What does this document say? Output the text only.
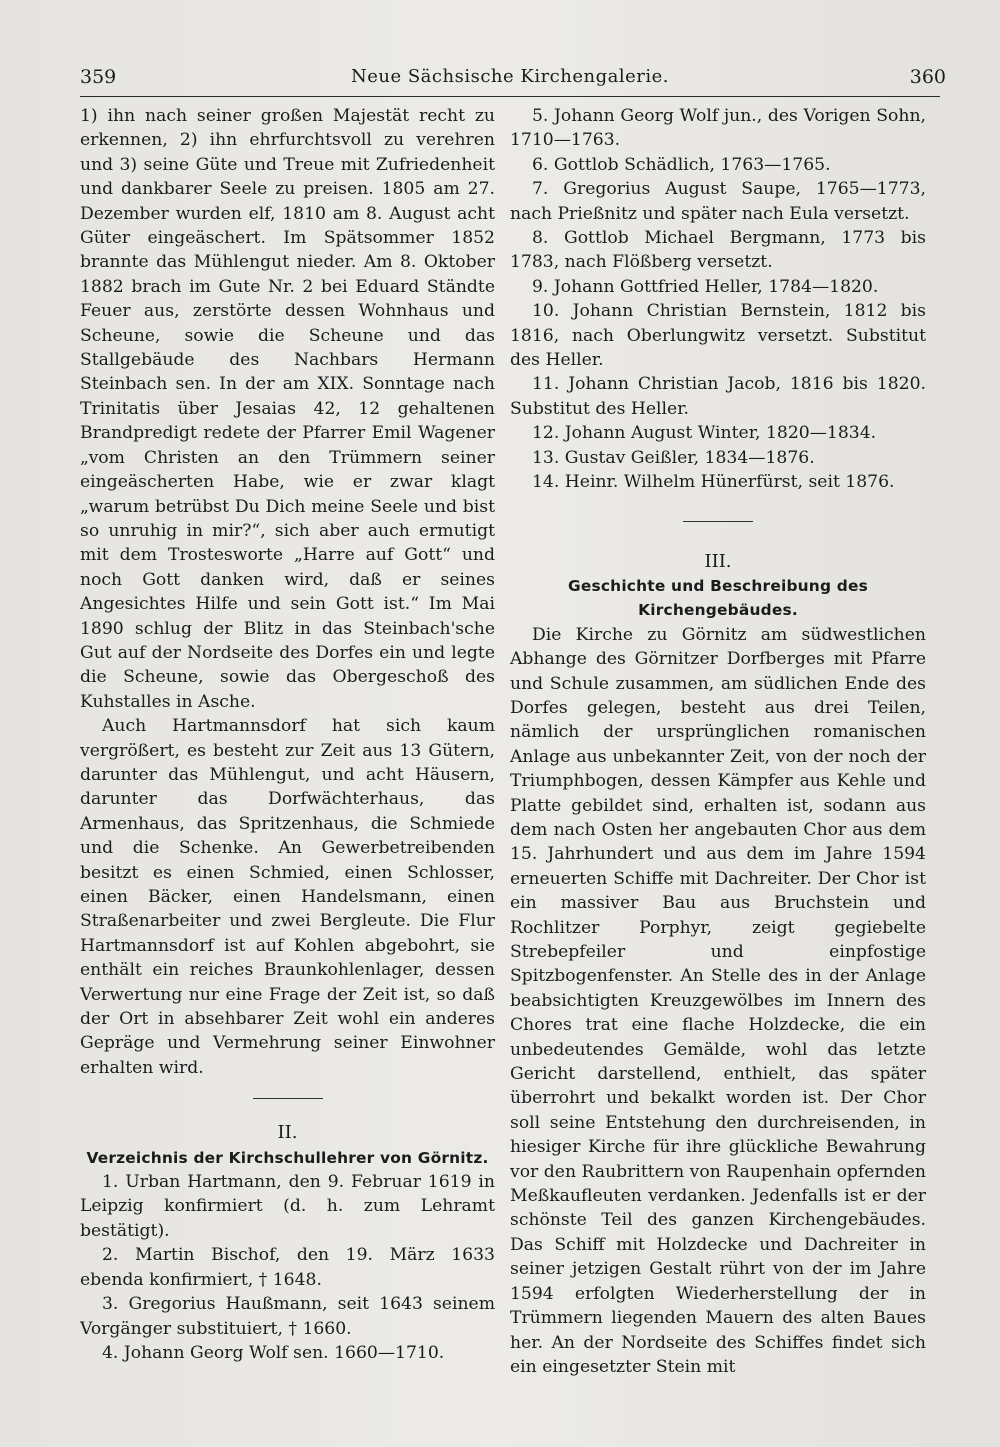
359	Neue Sächsische Kirchengalerie.	360

1) ihn nach seiner großen Majestät recht zu erkennen, 2) ihn ehrfurchtsvoll zu verehren und 3) seine Güte und Treue mit Zufriedenheit und dankbarer Seele zu preisen. 1805 am 27. Dezember wurden elf, 1810 am 8. August acht Güter eingeäschert. Im Spätsommer 1852 brannte das Mühlengut nieder. Am 8. Oktober 1882 brach im Gute Nr. 2 bei Eduard Ständte Feuer aus, zerstörte dessen Wohnhaus und Scheune, sowie die Scheune und das Stallgebäude des Nachbars Hermann Steinbach sen. In der am XIX. Sonntage nach Trinitatis über Jesaias 42, 12 gehaltenen Brandpredigt redete der Pfarrer Emil Wagener „vom Christen an den Trümmern seiner eingeäscherten Habe, wie er zwar klagt „warum betrübst Du Dich meine Seele und bist so unruhig in mir?“, sich aber auch ermutigt mit dem Trostesworte „Harre auf Gott“ und noch Gott danken wird, daß er seines Angesichtes Hilfe und sein Gott ist.“ Im Mai 1890 schlug der Blitz in das Steinbach'sche Gut auf der Nordseite des Dorfes ein und legte die Scheune, sowie das Obergeschoß des Kuhstalles in Asche.

Auch Hartmannsdorf hat sich kaum vergrößert, es besteht zur Zeit aus 13 Gütern, darunter das Mühlengut, und acht Häusern, darunter das Dorfwächterhaus, das Armenhaus, das Spritzenhaus, die Schmiede und die Schenke. An Gewerbetreibenden besitzt es einen Schmied, einen Schlosser, einen Bäcker, einen Handelsmann, einen Straßenarbeiter und zwei Bergleute. Die Flur Hartmannsdorf ist auf Kohlen abgebohrt, sie enthält ein reiches Braunkohlenlager, dessen Verwertung nur eine Frage der Zeit ist, so daß der Ort in absehbarer Zeit wohl ein anderes Gepräge und Vermehrung seiner Einwohner erhalten wird.

II.

Verzeichnis der Kirchschullehrer von Görnitz.

1. Urban Hartmann, den 9. Februar 1619 in Leipzig konfirmiert (d. h. zum Lehramt bestätigt).

2. Martin Bischof, den 19. März 1633 ebenda konfirmiert, † 1648.

3. Gregorius Haußmann, seit 1643 seinem Vorgänger substituiert, † 1660.

4. Johann Georg Wolf sen. 1660—1710.

5. Johann Georg Wolf jun., des Vorigen Sohn, 1710—1763.

6. Gottlob Schädlich, 1763—1765.

7. Gregorius August Saupe, 1765—1773, nach Prießnitz und später nach Eula versetzt.

8. Gottlob Michael Bergmann, 1773 bis 1783, nach Flößberg versetzt.

9. Johann Gottfried Heller, 1784—1820.

10. Johann Christian Bernstein, 1812 bis 1816, nach Oberlungwitz versetzt. Substitut des Heller.

11. Johann Christian Jacob, 1816 bis 1820. Substitut des Heller.

12. Johann August Winter, 1820—1834.

13. Gustav Geißler, 1834—1876.

14. Heinr. Wilhelm Hünerfürst, seit 1876.

III.

Geschichte und Beschreibung des Kirchengebäudes.

Die Kirche zu Görnitz am südwestlichen Abhange des Görnitzer Dorfberges mit Pfarre und Schule zusammen, am südlichen Ende des Dorfes gelegen, besteht aus drei Teilen, nämlich der ursprünglichen romanischen Anlage aus unbekannter Zeit, von der noch der Triumphbogen, dessen Kämpfer aus Kehle und Platte gebildet sind, erhalten ist, sodann aus dem nach Osten her angebauten Chor aus dem 15. Jahrhundert und aus dem im Jahre 1594 erneuerten Schiffe mit Dachreiter. Der Chor ist ein massiver Bau aus Bruchstein und Rochlitzer Porphyr, zeigt gegiebelte Strebepfeiler und einpfostige Spitzbogenfenster. An Stelle des in der Anlage beabsichtigten Kreuzgewölbes im Innern des Chores trat eine flache Holzdecke, die ein unbedeutendes Gemälde, wohl das letzte Gericht darstellend, enthielt, das später überrohrt und bekalkt worden ist. Der Chor soll seine Entstehung den durchreisenden, in hiesiger Kirche für ihre glückliche Bewahrung vor den Raubrittern von Raupenhain opfernden Meßkaufleuten verdanken. Jedenfalls ist er der schönste Teil des ganzen Kirchengebäudes. Das Schiff mit Holzdecke und Dachreiter in seiner jetzigen Gestalt rührt von der im Jahre 1594 erfolgten Wiederherstellung der in Trümmern liegenden Mauern des alten Baues her. An der Nordseite des Schiffes findet sich ein eingesetzter Stein mit
